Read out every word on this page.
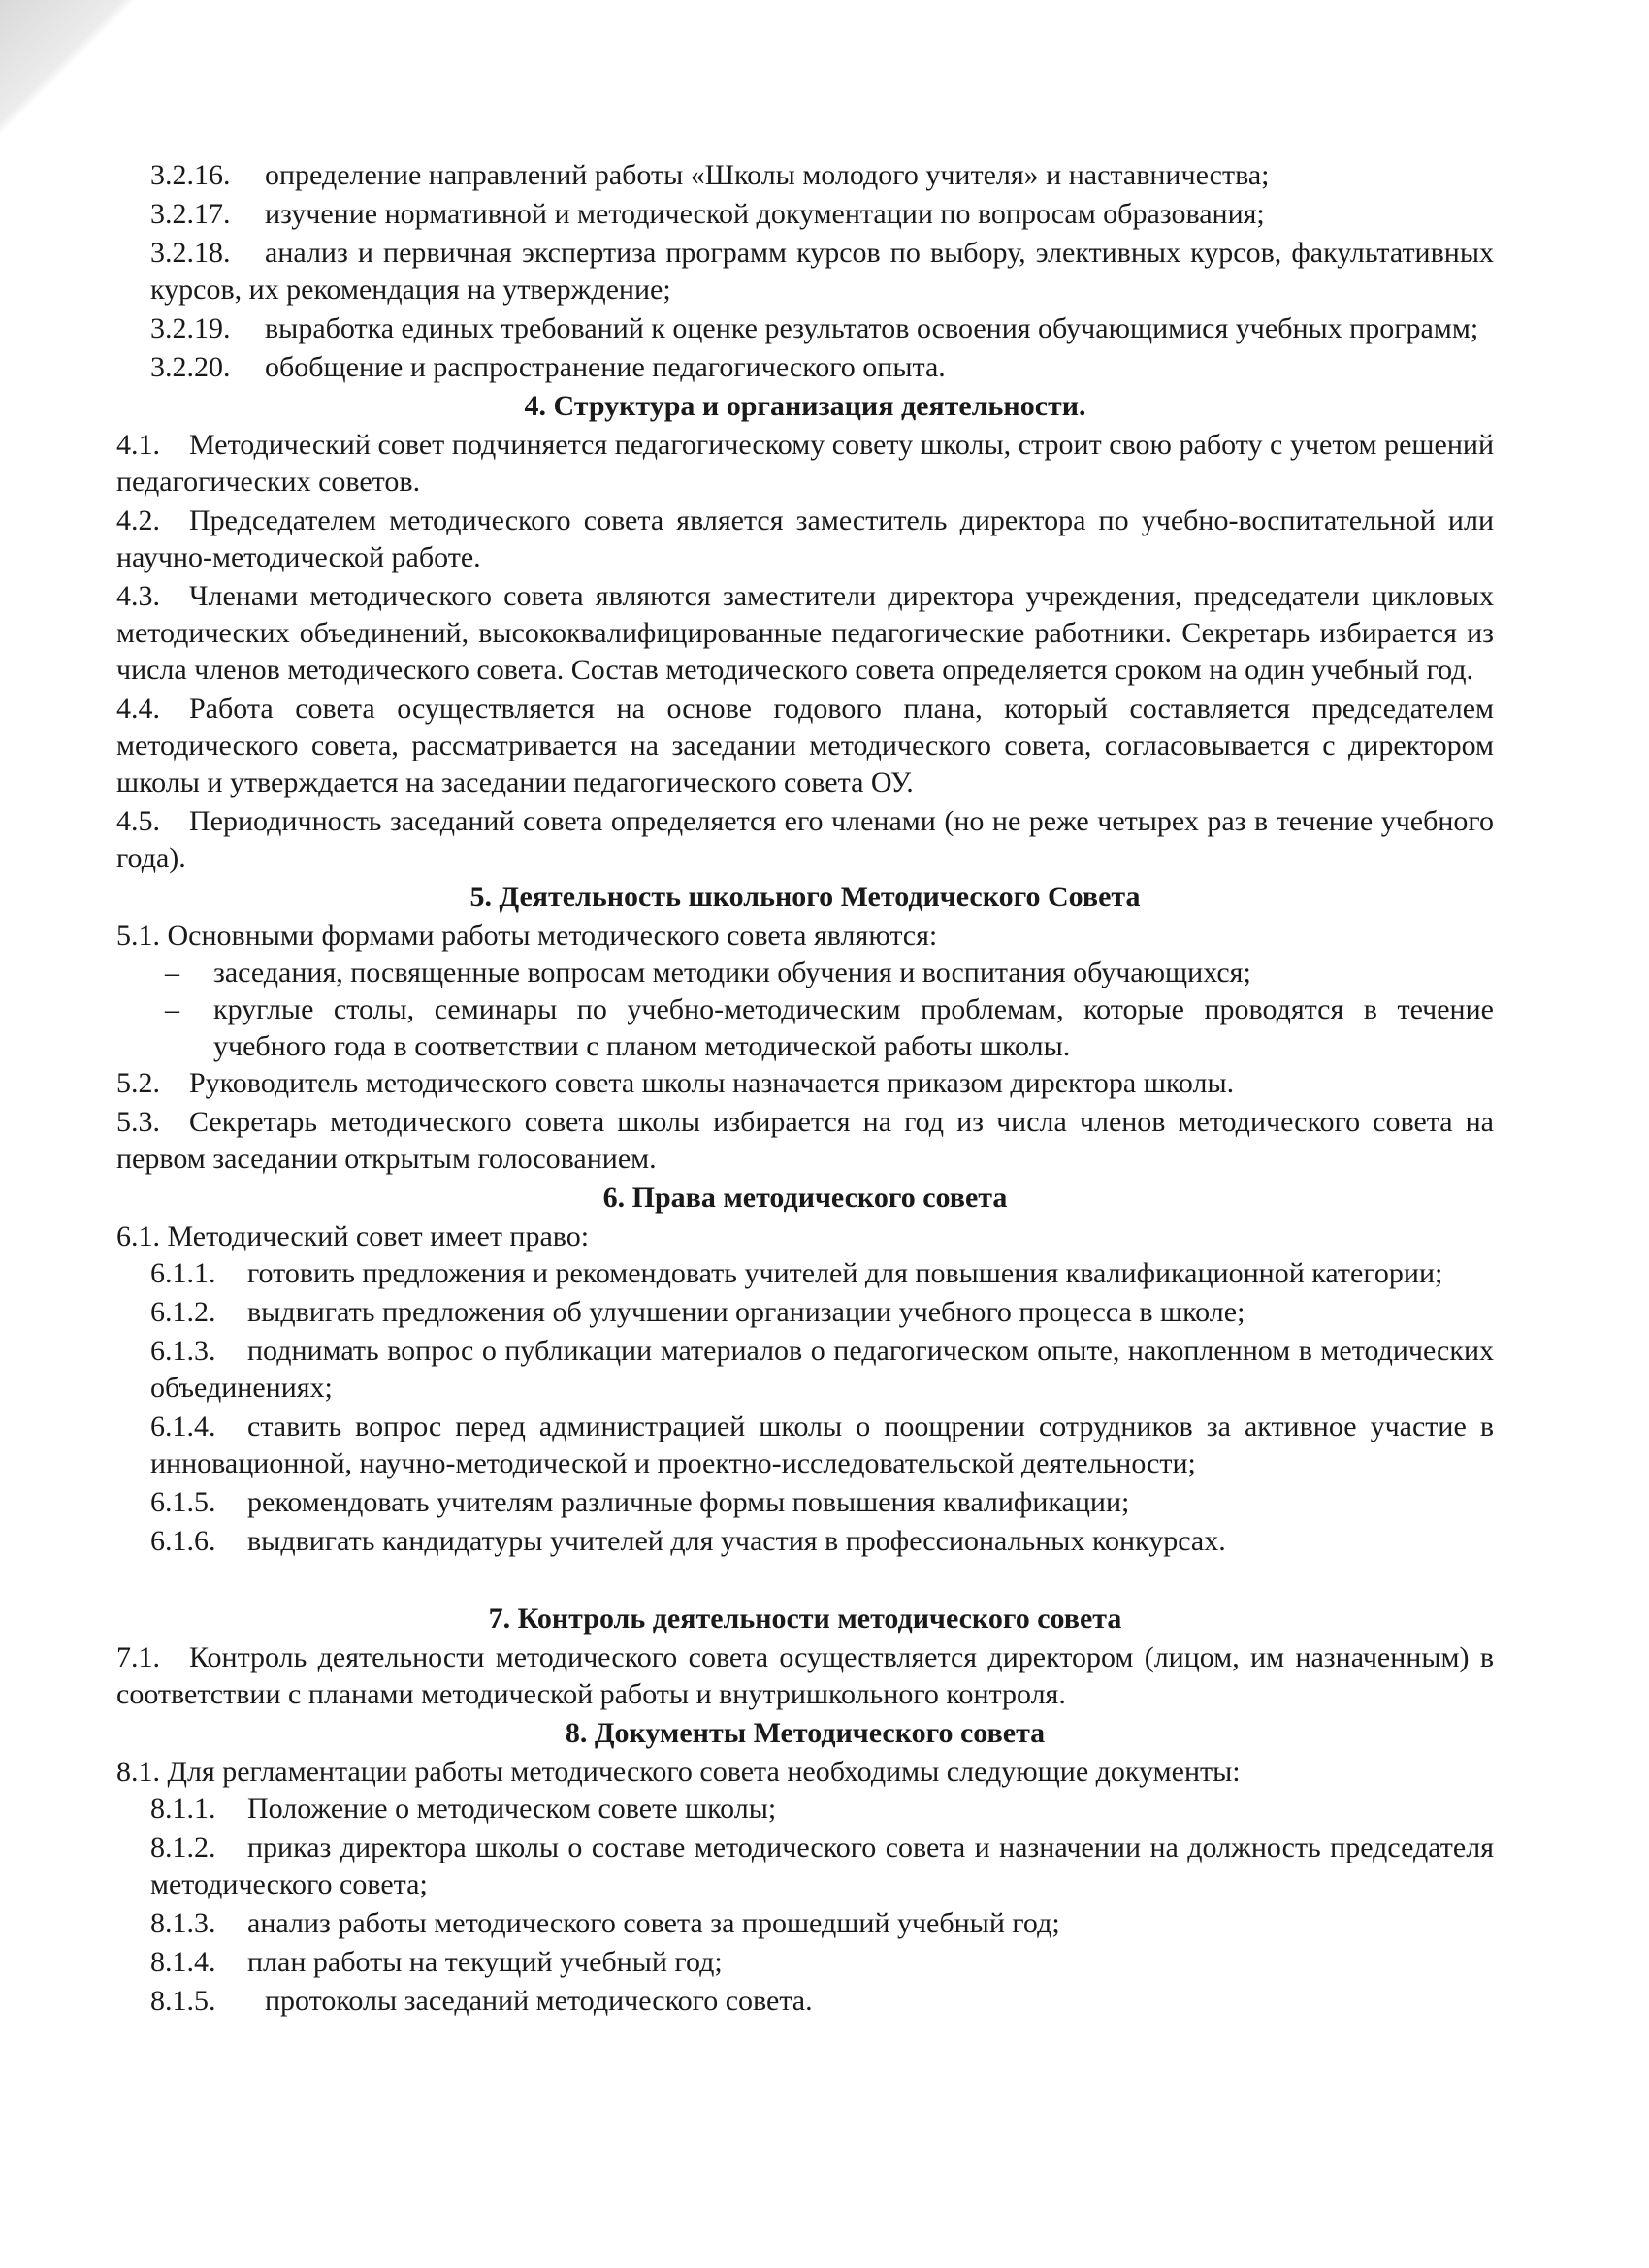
3.2.16. определение направлений работы «Школы молодого учителя» и наставничества;
3.2.17. изучение нормативной и методической документации по вопросам образования;
3.2.18. анализ и первичная экспертиза программ курсов по выбору, элективных курсов, факультативных курсов, их рекомендация на утверждение;
3.2.19. выработка единых требований к оценке результатов освоения обучающимися учебных программ;
3.2.20. обобщение и распространение педагогического опыта.
4. Структура и организация деятельности.
4.1. Методический совет подчиняется педагогическому совету школы, строит свою работу с учетом решений педагогических советов.
4.2. Председателем методического совета является заместитель директора по учебно-воспитательной или научно-методической работе.
4.3. Членами методического совета являются заместители директора учреждения, председатели цикловых методических объединений, высококвалифицированные педагогические работники. Секретарь избирается из числа членов методического совета. Состав методического совета определяется сроком на один учебный год.
4.4. Работа совета осуществляется на основе годового плана, который составляется председателем методического совета, рассматривается на заседании методического совета, согласовывается с директором школы и утверждается на заседании педагогического совета ОУ.
4.5. Периодичность заседаний совета определяется его членами (но не реже четырех раз в течение учебного года).
5. Деятельность школьного Методического Совета
5.1. Основными формами работы методического совета являются:
– заседания, посвященные вопросам методики обучения и воспитания обучающихся;
– круглые столы, семинары по учебно-методическим проблемам, которые проводятся в течение учебного года в соответствии с планом методической работы школы.
5.2. Руководитель методического совета школы назначается приказом директора школы.
5.3. Секретарь методического совета школы избирается на год из числа членов методического совета на первом заседании открытым голосованием.
6. Права методического совета
6.1. Методический совет имеет право:
6.1.1. готовить предложения и рекомендовать учителей для повышения квалификационной категории;
6.1.2. выдвигать предложения об улучшении организации учебного процесса в школе;
6.1.3. поднимать вопрос о публикации материалов о педагогическом опыте, накопленном в методических объединениях;
6.1.4. ставить вопрос перед администрацией школы о поощрении сотрудников за активное участие в инновационной, научно-методической и проектно-исследовательской деятельности;
6.1.5. рекомендовать учителям различные формы повышения квалификации;
6.1.6. выдвигать кандидатуры учителей для участия в профессиональных конкурсах.
7. Контроль деятельности методического совета
7.1. Контроль деятельности методического совета осуществляется директором (лицом, им назначенным) в соответствии с планами методической работы и внутришкольного контроля.
8. Документы Методического совета
8.1. Для регламентации работы методического совета необходимы следующие документы:
8.1.1. Положение о методическом совете школы;
8.1.2. приказ директора школы о составе методического совета и назначении на должность председателя методического совета;
8.1.3. анализ работы методического совета за прошедший учебный год;
8.1.4. план работы на текущий учебный год;
8.1.5. протоколы заседаний методического совета.
